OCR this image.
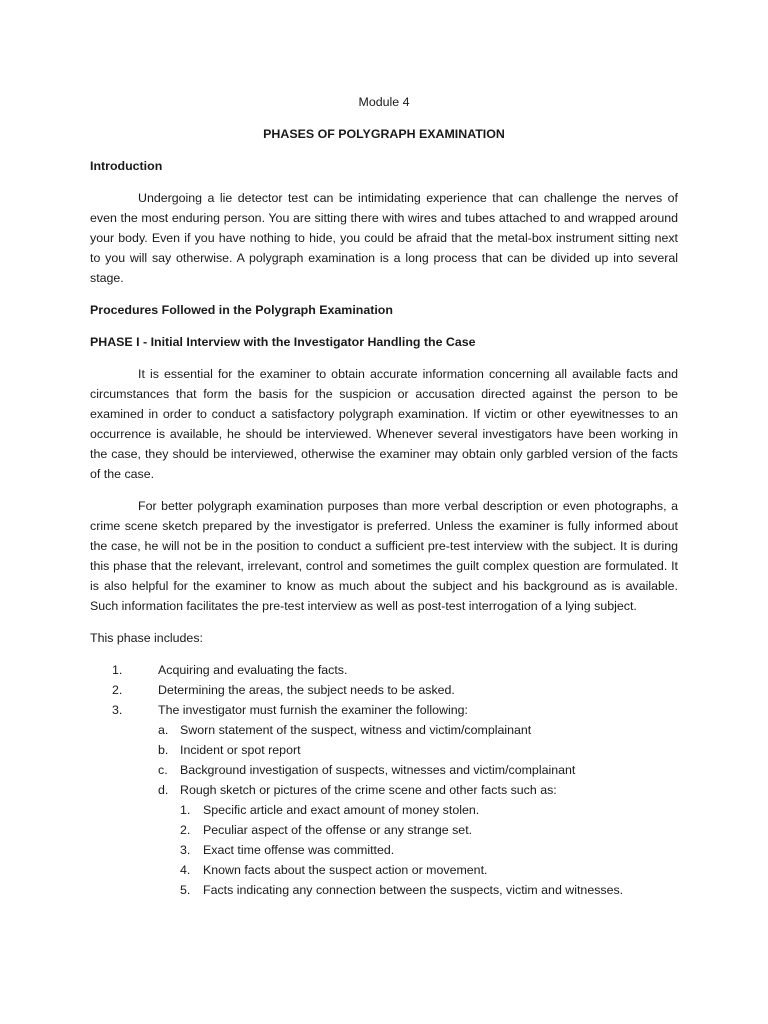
Module 4
PHASES OF POLYGRAPH EXAMINATION
Introduction

Undergoing a lie detector test can be intimidating experience that can challenge the nerves of even the most enduring person. You are sitting there with wires and tubes attached to and wrapped around your body. Even if you have nothing to hide, you could be afraid that the metal-box instrument sitting next to you will say otherwise. A polygraph examination is a long process that can be divided up into several stage.

Procedures Followed in the Polygraph Examination
PHASE I - Initial Interview with the Investigator Handling the Case

It is essential for the examiner to obtain accurate information concerning all available facts and circumstances that form the basis for the suspicion or accusation directed against the person to be examined in order to conduct a satisfactory polygraph examination. If victim or other eyewitnesses to an occurrence is available, he should be interviewed. Whenever several investigators have been working in the case, they should be interviewed, otherwise the examiner may obtain only garbled version of the facts of the case.

For better polygraph examination purposes than more verbal description or even photographs, a crime scene sketch prepared by the investigator is preferred. Unless the examiner is fully informed about the case, he will not be in the position to conduct a sufficient pre-test interview with the subject. It is during this phase that the relevant, irrelevant, control and sometimes the guilt complex question are formulated. It is also helpful for the examiner to know as much about the subject and his background as is available. Such information facilitates the pre-test interview as well as post-test interrogation of a lying subject.

This phase includes:

1.	Acquiring and evaluating the facts.
2.	Determining the areas, the subject needs to be asked.
3.	The investigator must furnish the examiner the following:
a. Sworn statement of the suspect, witness and victim/complainant
b. Incident or spot report
c. Background investigation of suspects, witnesses and victim/complainant
d. Rough sketch or pictures of the crime scene and other facts such as:
1.	Specific article and exact amount of money stolen.
2.	Peculiar aspect of the offense or any strange set.
3.	Exact time offense was committed.
4.	Known facts about the suspect action or movement.
5.	Facts indicating any connection between the suspects, victim and witnesses.
